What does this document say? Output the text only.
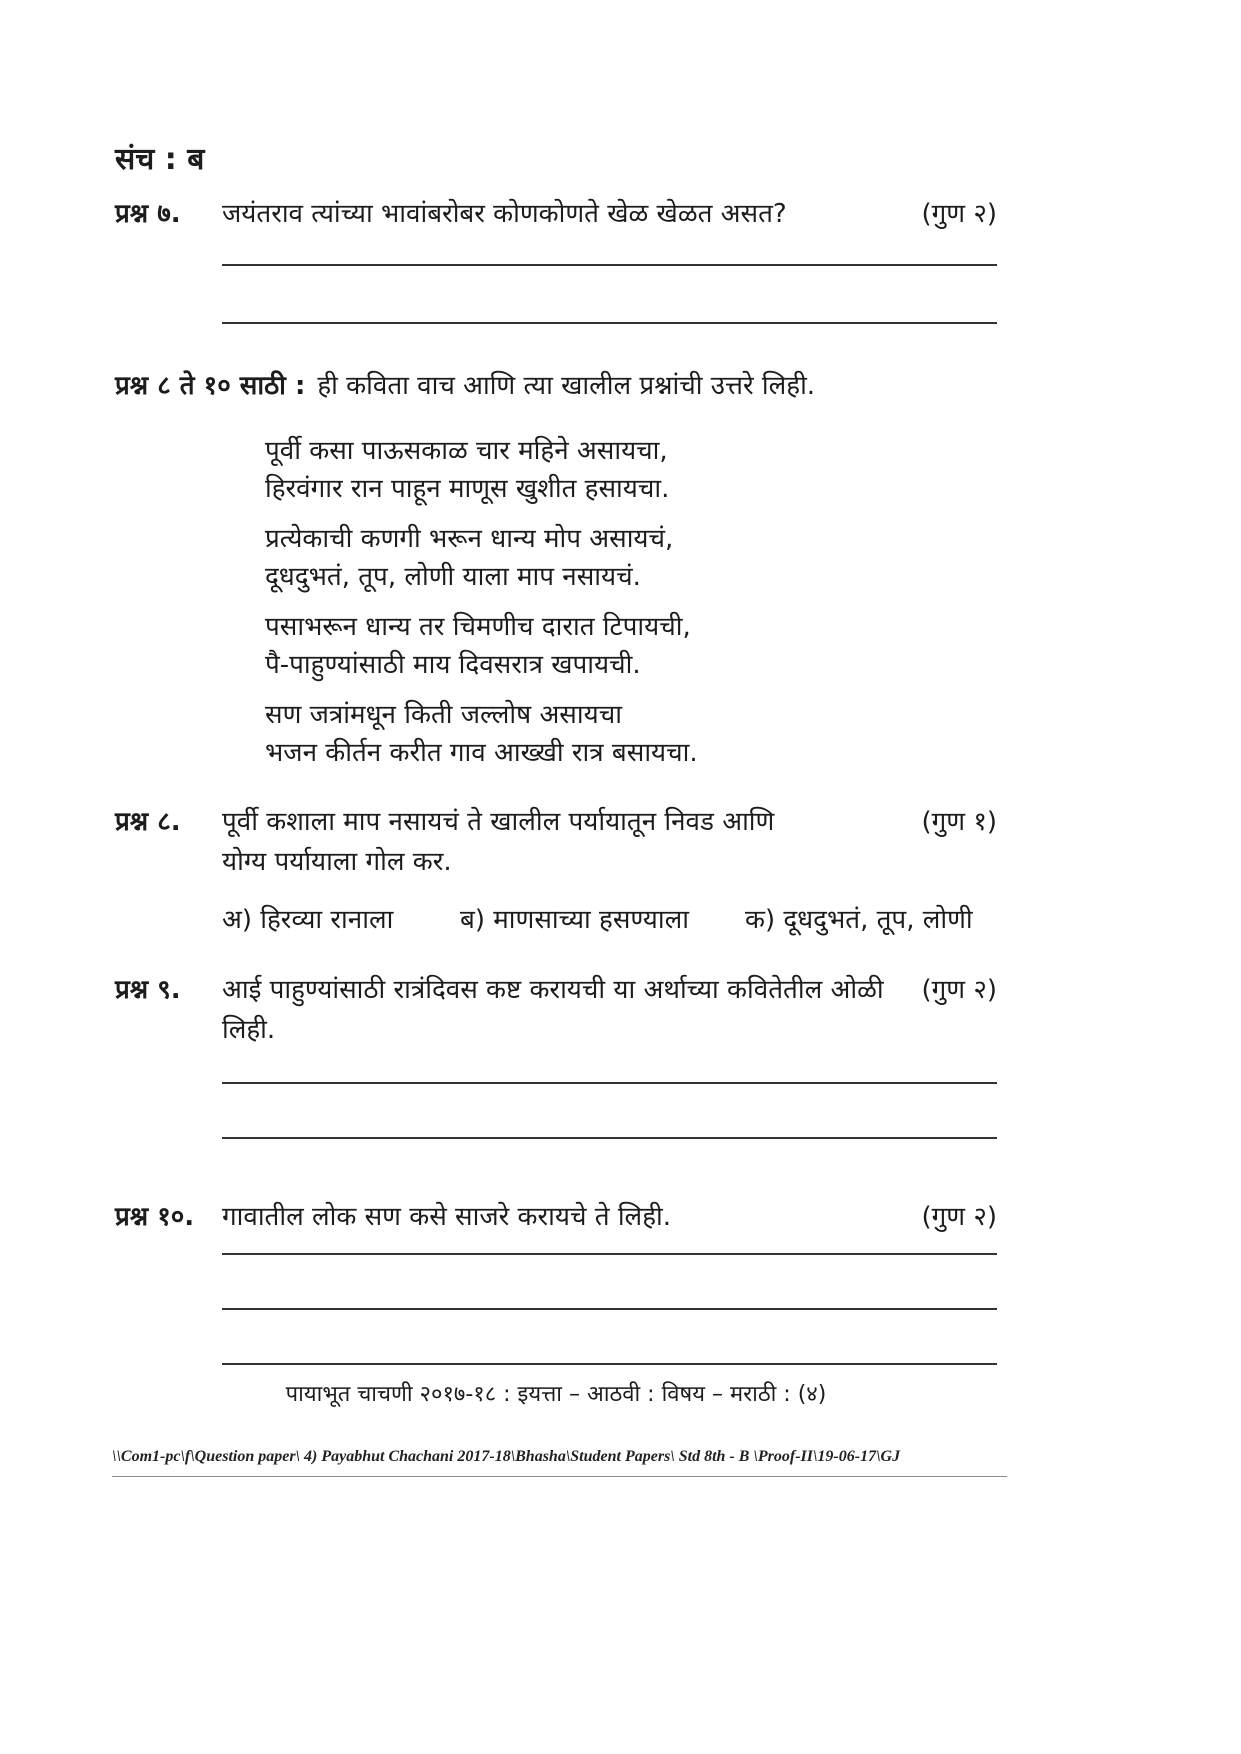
संच : ब
प्रश्न ७.	जयंतराव त्यांच्या भावांबरोबर कोणकोणते खेळ खेळत असत?	(गुण २)
प्रश्न ८ ते १० साठी : ही कविता वाच आणि त्या खालील प्रश्नांची उत्तरे लिही.
पूर्वी कसा पाऊसकाळ चार महिने असायचा,
हिरवंगार रान पाहून माणूस खुशीत हसायचा.
प्रत्येकाची कणगी भरून धान्य मोप असायचं,
दूधदुभतं, तूप, लोणी याला माप नसायचं.
पसाभरून धान्य तर चिमणीच दारात टिपायची,
पै-पाहुण्यांसाठी माय दिवसरात्र खपायची.
सण जत्रांमधून किती जल्लोष असायचा
भजन कीर्तन करीत गाव आख्खी रात्र बसायचा.
प्रश्न ८.	पूर्वी कशाला माप नसायचं ते खालील पर्यायातून निवड आणि	(गुण १)
योग्य पर्यायाला गोल कर.
अ) हिरव्या रानाला	ब) माणसाच्या हसण्याला	क) दूधदुभतं, तूप, लोणी
प्रश्न ९.	आई पाहुण्यांसाठी रात्रंदिवस कष्ट करायची या अर्थाच्या कवितेतील ओळी लिही.
(गुण २)
प्रश्न १०.	गावातील लोक सण कसे साजरे करायचे ते लिही.	(गुण २)
पायाभूत चाचणी २०१७-१८ : इयत्ता – आठवी : विषय – मराठी : (४)
\\Com1-pc\f\Question paper\ 4) Payabhut Chachani 2017-18\Bhasha\Student Papers\ Std 8th - B \Proof-II\19-06-17\GJ
